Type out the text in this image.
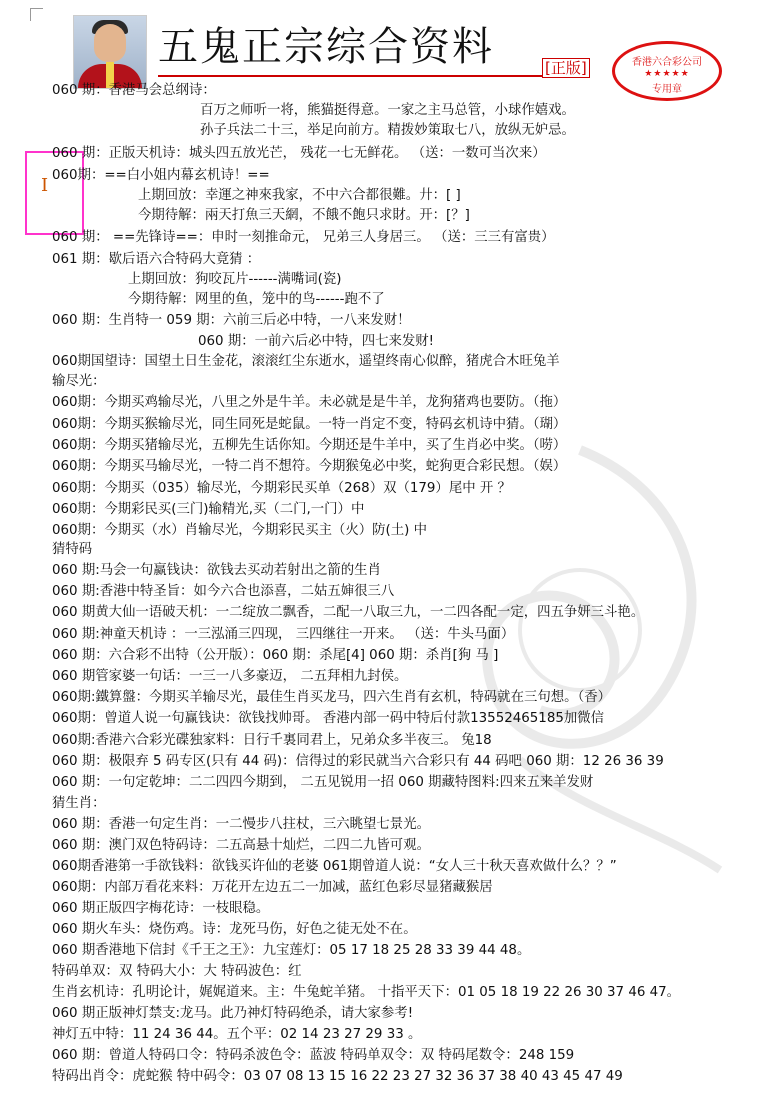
五鬼正宗综合资料	[正版]	香港六合彩公司
★★★★★
专用章
I
060 期：香港马会总纲诗：
百万之师听一将，熊猫挺得意。一家之主马总管，小球作嬉戏。
孙子兵法二十三，举足向前方。精拨妙策取七八，放纵无妒忌。
060 期：正版天机诗：城头四五放光芒， 残花一七无鲜花。 （送：一数可当次来）
060期：==白小姐内幕玄机诗！==
上期回放：幸運之神來我家，不中六合都很難。廾：[ ]
今期待解：兩天打魚三天網，不餓不飽只求財。开：[？]
060 期： ==先锋诗==：申时一刻推命元， 兄弟三人身居三。 （送：三三有富贵）
061 期：歇后语六合特码大竟猜 ：
上期回放：狗咬瓦片------满嘴词(瓷)
今期待解：网里的鱼，笼中的鸟------跑不了
060 期：生肖特一 059 期：六前三后必中特，一八来发财！
060 期：一前六后必中特，四七来发财!
060期国望诗：国望土日生金花，滚滚红尘东逝水，遥望终南心似醉，猪虎合木旺兔羊
输尽光：
060期：今期买鸡输尽光，八里之外是牛羊。未必就是是牛羊，龙狗猪鸡也要防。（拖）
060期：今期买猴输尽光，同生同死是蛇鼠。一特一肖定不变，特码玄机诗中猜。（瑚）
060期：今期买猪输尽光，五柳先生话你知。今期还是牛羊中，买了生肖必中奖。（唠）
060期：今期买马输尽光，一特二肖不想符。今期猴兔必中奖，蛇狗更合彩民想。（娱）
060期：今期买（035）输尽光，今期彩民买单（268）双（179）尾中 开 ？
060期：今期彩民买(三门)输精光,买（二门,一门）中
060期：今期买（水）肖输尽光，今期彩民买主（火）防(土) 中
猜特码
060 期:马会一句赢钱诀：欲钱去买动若射出之箭的生肖
060 期:香港中特圣旨：如今六合也添喜，二姑五婶很三八
060 期黄大仙一语破天机：一二绽放二飘香，二配一八取三九，一二四各配一定，四五争妍三斗艳。
060 期:神童天机诗 ：一三泓涌三四现， 三四继往一开来。 （送：牛头马面）
060 期：六合彩不出特（公开版）：060 期：杀尾[4] 060 期：杀肖[狗 马 ]
060 期管家婆一句话：一三一八多豪迈， 二五拜相九封侯。
060期:鐵算盤：今期买羊输尽光，最佳生肖买龙马，四六生肖有玄机，特码就在三句想。（香）
060期：曾道人说一句赢钱诀：欲钱找帅哥。 香港内部一码中特后付款13552465185加微信
060期:香港六合彩光碟独家料：日行千裏同君上，兄弟众多半夜三。 兔18
060 期：极限弃 5 码专区(只有 44 码)：信得过的彩民就当六合彩只有 44 码吧 060 期：12 26 36 39
060 期：一句定乾坤：二二四四今期到， 二五见锐用一招 060 期藏特图料:四来五来羊发财
猜生肖：
060 期：香港一句定生肖：一二慢步八拄杖，三六眺望七景光。
060 期：澳门双色特码诗：二五高悬十灿烂，二四二九皆可观。
060期香港第一手欲钱料：欲钱买许仙的老婆 061期曾道人说：“女人三十秋天喜欢做什么？？”
060期：内部万看花来料：万花开左边五二一加减，蓝红色彩尽显猪藏猴居
060 期正版四字梅花诗：一枝眼稳。
060 期火车头：烧伤鸡。诗：龙死马伤，好色之徒无处不在。
060 期香港地下信封《千王之王》：九宝莲灯：05 17 18 25 28 33 39 44 48。
特码单双：双 特码大小：大 特码波色：红
生肖玄机诗：孔明论计，娓娓道来。主：牛兔蛇羊猪。 十指平天下：01 05 18 19 22 26 30 37 46 47。
060 期正版神灯禁支:龙马。此乃神灯特码绝杀，请大家参考!
神灯五中特：11 24 36 44。五个平：02 14 23 27 29 33 。
060 期：曾道人特码口令：特码杀波色令：蓝波 特码单双令：双 特码尾数令：248 159
特码出肖令：虎蛇猴 特中码令：03 07 08 13 15 16 22 23 27 32 36 37 38 40 43 45 47 49
